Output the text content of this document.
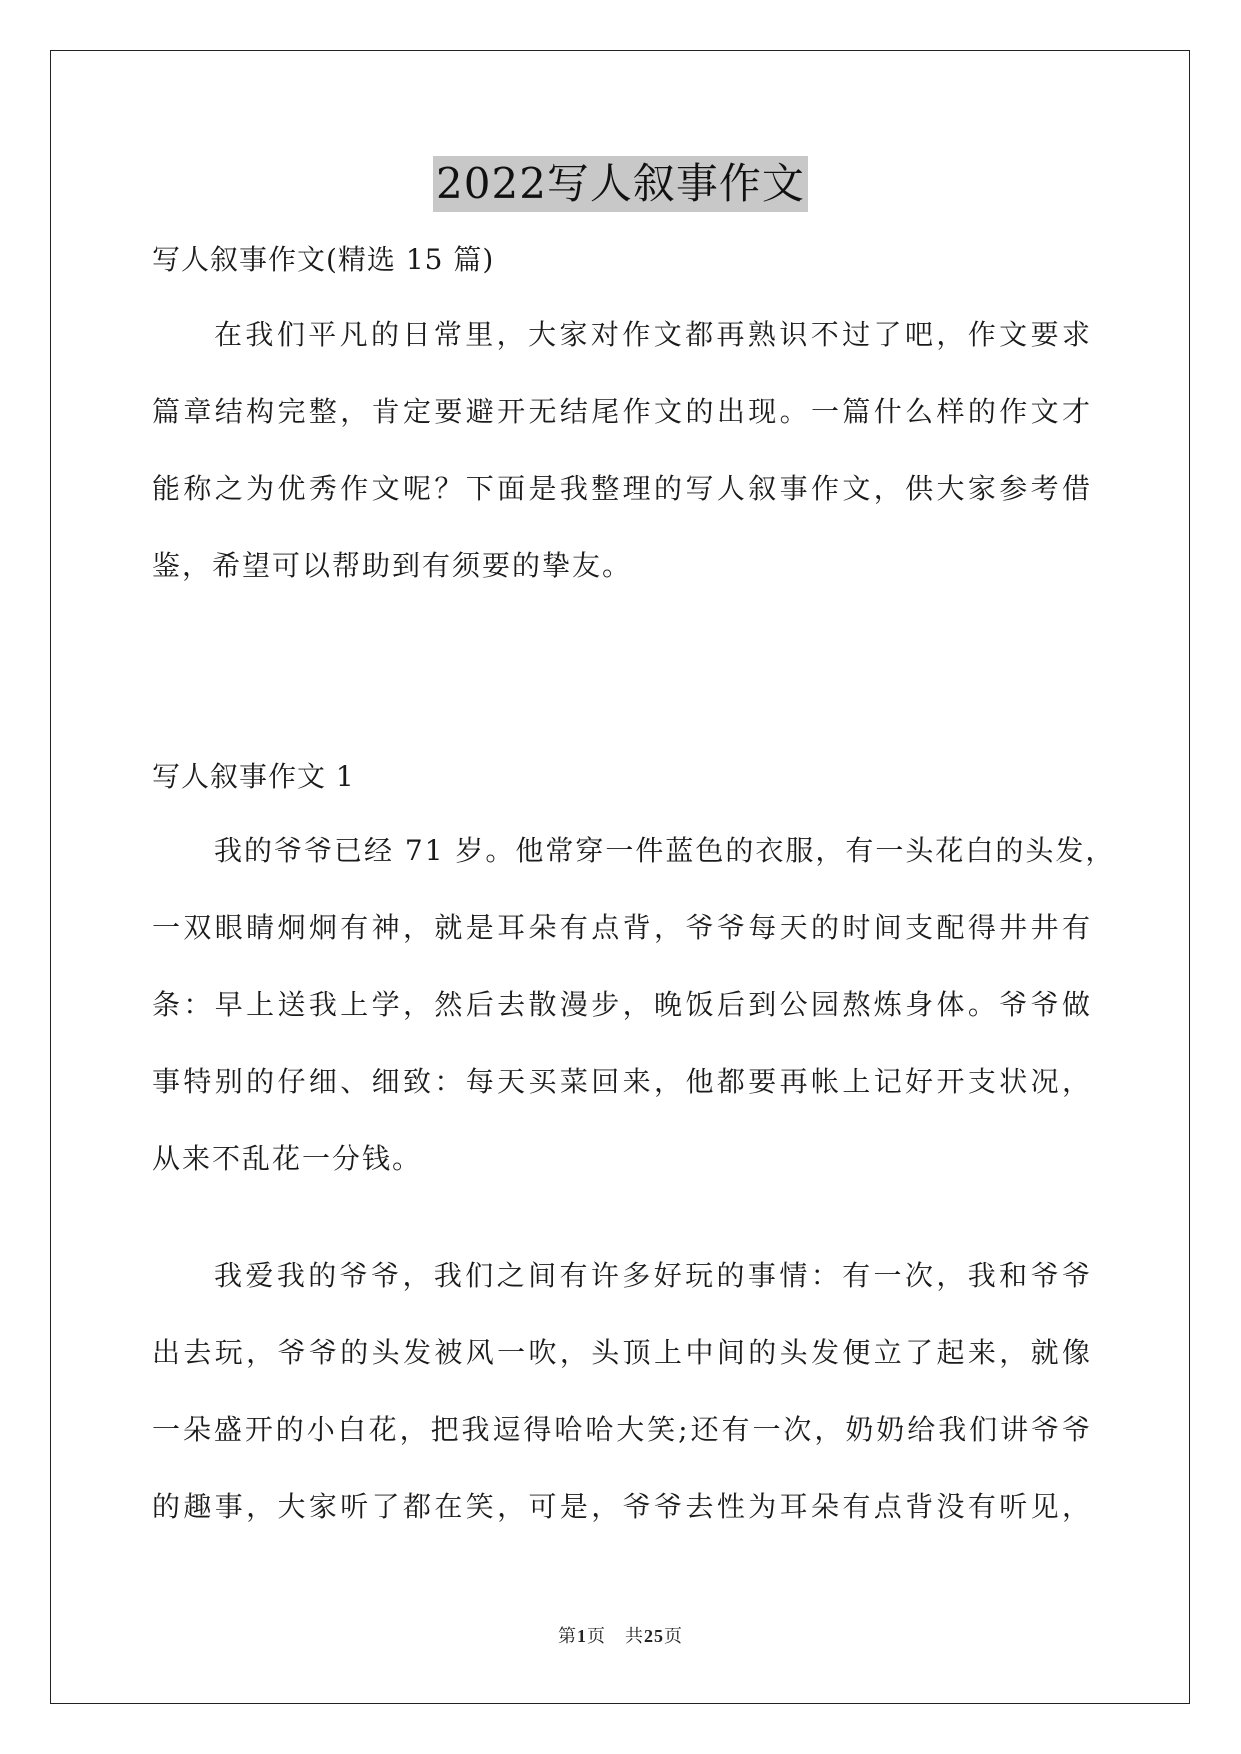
2022写人叙事作文
写人叙事作文(精选 15 篇)
在我们平凡的日常里，大家对作文都再熟识不过了吧，作文要求
篇章结构完整，肯定要避开无结尾作文的出现。一篇什么样的作文才
能称之为优秀作文呢？下面是我整理的写人叙事作文，供大家参考借
鉴，希望可以帮助到有须要的挚友。
写人叙事作文 1
我的爷爷已经 71 岁。他常穿一件蓝色的衣服，有一头花白的头发，
一双眼睛炯炯有神，就是耳朵有点背，爷爷每天的时间支配得井井有
条：早上送我上学，然后去散漫步，晚饭后到公园熬炼身体。爷爷做
事特别的仔细、细致：每天买菜回来，他都要再帐上记好开支状况，
从来不乱花一分钱。
我爱我的爷爷，我们之间有许多好玩的事情：有一次，我和爷爷
出去玩，爷爷的头发被风一吹，头顶上中间的头发便立了起来，就像
一朵盛开的小白花，把我逗得哈哈大笑;还有一次，奶奶给我们讲爷爷
的趣事，大家听了都在笑，可是，爷爷去性为耳朵有点背没有听见，
第1页　共25页
